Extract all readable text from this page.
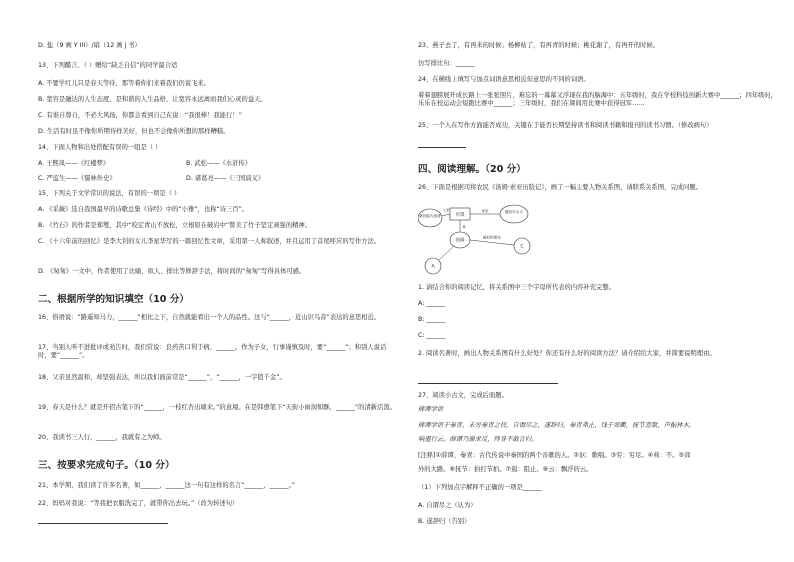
D. 盐（9 画 Y III）/扇（12 画 j 书）
13、下列醋言、（ ）赠给“缺乏自信”的同学最合适
A. 不要学红儿只是春天等待，那等着你们来着我们仍说飞来。
B. 宽容是融达的人生态度，是和谐的人生品格，让宽容永远离而我们心灵的益天。
C. 有谁自尊自，不必大风扬，你都会看到自己在说：“我很棒！我能行！”
D. 生活有时虽不像你所期待样美好，但也不会像你所想的那样糟糕。
14、下面人物和出处搭配有误的一组是（ ）
A. 王熙凤——《红楼梦》	B. 武松——《水浒传》
C. 严监生——《儒林外史》	D. 诸葛亮——《三国演义》
15、下列关于文学常识的说法，有误的一项是（ ）
A. 《采薇》选自我国最早的诗歌总集《诗经》中的“小雅”，也称“诗三百”。
B. 《竹石》的作者是郑燮，其中“咬定青山不放松，立根原在破岩中”赞美了竹子坚定顽强的精神。
C. 《十六年前的回忆》是李大钊的女儿李星华写的一篇回忆性文章，采用第一人称叙述，并且运用了首尾呼应的写作方法。
D. 《匆匆》一文中，作者使用了比喻、拟人、排比等修辞手法，将时间的“匆匆”写得具体可感。
二、根据所学的知识填空（10 分）
16、俗语说：“路遥知马力，______”相比之下，自然就能看出一个人的品性。这与“______，近山识鸟音”表达的意思相近。
17、当别人听不进批评或劝告时，我们常说：良药苦口利于病，______。作为子女，行事谨慎及时，要“______”；和别人说话时，要“______”。
18、父亲虽然温和，却坚强表达，所以我们面前常是“______”，“______，一字值千金”。
19、春天是什么？就是开招古笔下的“______，一枝红杏出墙来。”的意境。在是韩愈笔下“天街小雨润如酥，______”的清新活泼。
20、我读书三人行，______，我就有之为师。
三、按要求完成句子。（10 分）
21、本学期，我们读了许多名著，如______，______这一句有这样的名言“______，______。”
22、妈妈对我说：“等我把衣服洗完了，就带你出去玩。”（改为转述句）
23、燕子去了，有再来的时候；杨柳枯了，有再青的时候；桃花谢了，有再开的时候。
仿写排比句：______
24、在横线上填写与加点词语意思相近但意思的不同的词语。
着着翅膀展开成长路上一张张照片，难忘的一幕幕又浮现在我的脑海中：五年级时，我在学校科技创新大赛中______；四年级时，乐乐在校运动会短跑比赛中______；三年级时，我们在课间用比赛中获得冠军……
25、一个人在写作方面能否成功，关键在于能否长期坚持读书和阅读书籍和报刊的读书习惯。（修改病句）
四、阅读理解。（20 分）
26、下面是根据司将农民《汤姆·索亚历险记》，画了一幅主要人物关系图，请联系关系图，完成问题。
最后能大战者	贝琪
撒切尔太太
汤姆
A
C
父亲	母亲
B
最好的朋友
1. 请结合你的阅读记忆，将关系图中三个字母所代表的内容补充完整。
A: ______
B: ______
C: ______
2. 阅读名著时，画出人物关系图有什么好处？你还有什么好的阅读方法？请介绍给大家，并简要说明理由。
27、阅读小古文，完成后面题。
薛谭学讴
薛谭学讴于秦青，未穷秦青之技，自谓尽之，遂辞归。秦青弗止，饯于郊衢，抚节悲歌，声振林木，
响遏行云。薛谭乃谢求反，终身不敢言归。
[注释]①薛谭、秦青：古代传说中秦国的两个善歌的人。②讴：歌唱。③穷：穷尽。④弗：不。⑤郊
外的大路。⑥抚节：拍打节拍。⑦遏：阻止。⑧云：飘浮的云。
（1）下列加点字解释不正确的一项是______
A. 自谓尽之（认为）
B. 遂辞归（告别）
